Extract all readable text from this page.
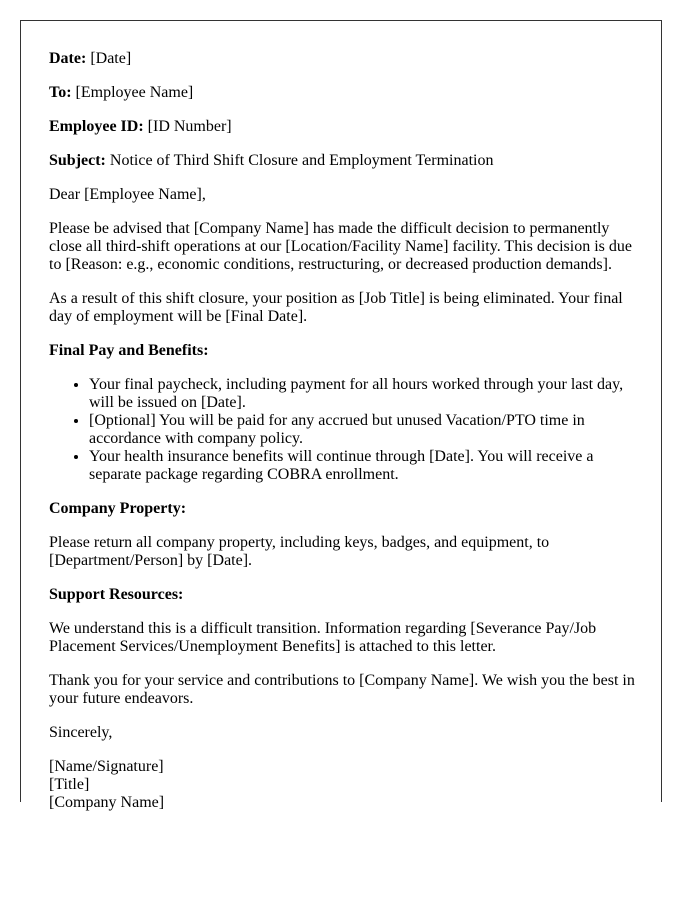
Date: [Date]

To: [Employee Name]

Employee ID: [ID Number]

Subject: Notice of Third Shift Closure and Employment Termination

Dear [Employee Name],

Please be advised that [Company Name] has made the difficult decision to permanently close all third-shift operations at our [Location/Facility Name] facility. This decision is due to [Reason: e.g., economic conditions, restructuring, or decreased production demands].

As a result of this shift closure, your position as [Job Title] is being eliminated. Your final day of employment will be [Final Date].

Final Pay and Benefits:

• Your final paycheck, including payment for all hours worked through your last day, will be issued on [Date].
• [Optional] You will be paid for any accrued but unused Vacation/PTO time in accordance with company policy.
• Your health insurance benefits will continue through [Date]. You will receive a separate package regarding COBRA enrollment.

Company Property:

Please return all company property, including keys, badges, and equipment, to [Department/Person] by [Date].

Support Resources:

We understand this is a difficult transition. Information regarding [Severance Pay/Job Placement Services/Unemployment Benefits] is attached to this letter.

Thank you for your service and contributions to [Company Name]. We wish you the best in your future endeavors.

Sincerely,

[Name/Signature]
[Title]
[Company Name]
